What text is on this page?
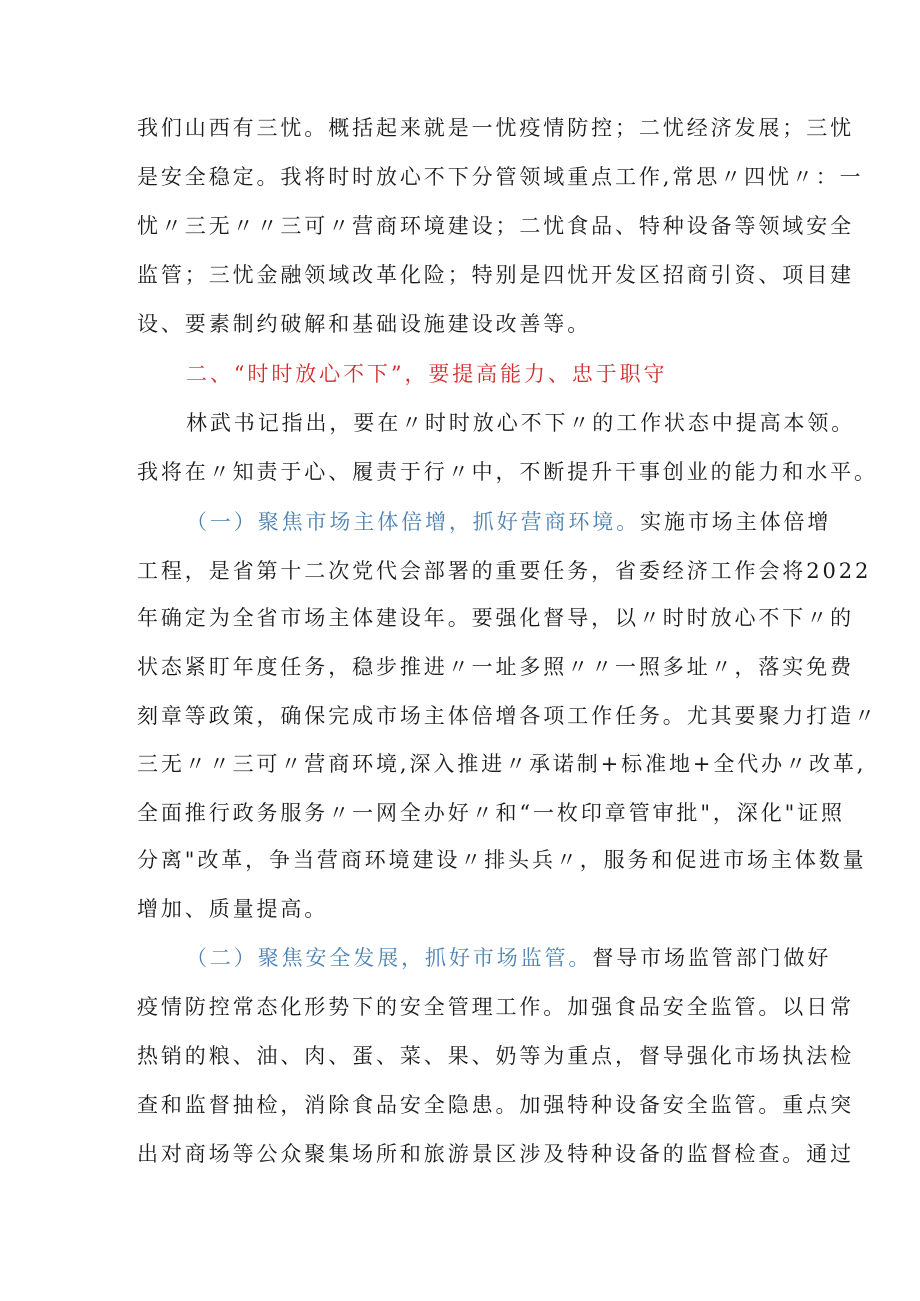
我们山西有三忧。概括起来就是一忧疫情防控；二忧经济发展；三忧
是安全稳定。我将时时放心不下分管领域重点工作,常思〃四忧〃：一
忧〃三无〃〃三可〃营商环境建设；二忧食品、特种设备等领域安全
监管；三忧金融领域改革化险；特别是四忧开发区招商引资、项目建
设、要素制约破解和基础设施建设改善等。
二、“时时放心不下”，要提高能力、忠于职守
林武书记指出，要在〃时时放心不下〃的工作状态中提高本领。
我将在〃知责于心、履责于行〃中，不断提升干事创业的能力和水平。
（一）聚焦市场主体倍增，抓好营商环境。实施市场主体倍增
工程，是省第十二次党代会部署的重要任务，省委经济工作会将2022
年确定为全省市场主体建设年。要强化督导，以〃时时放心不下〃的
状态紧盯年度任务，稳步推进〃一址多照〃〃一照多址〃，落实免费
刻章等政策，确保完成市场主体倍增各项工作任务。尤其要聚力打造〃
三无〃〃三可〃营商环境,深入推进〃承诺制+标准地+全代办〃改革,
全面推行政务服务〃一网全办好〃和“一枚印章管审批"，深化"证照
分离"改革，争当营商环境建设〃排头兵〃，服务和促进市场主体数量
增加、质量提高。
（二）聚焦安全发展，抓好市场监管。督导市场监管部门做好
疫情防控常态化形势下的安全管理工作。加强食品安全监管。以日常
热销的粮、油、肉、蛋、菜、果、奶等为重点，督导强化市场执法检
查和监督抽检，消除食品安全隐患。加强特种设备安全监管。重点突
出对商场等公众聚集场所和旅游景区涉及特种设备的监督检查。通过
